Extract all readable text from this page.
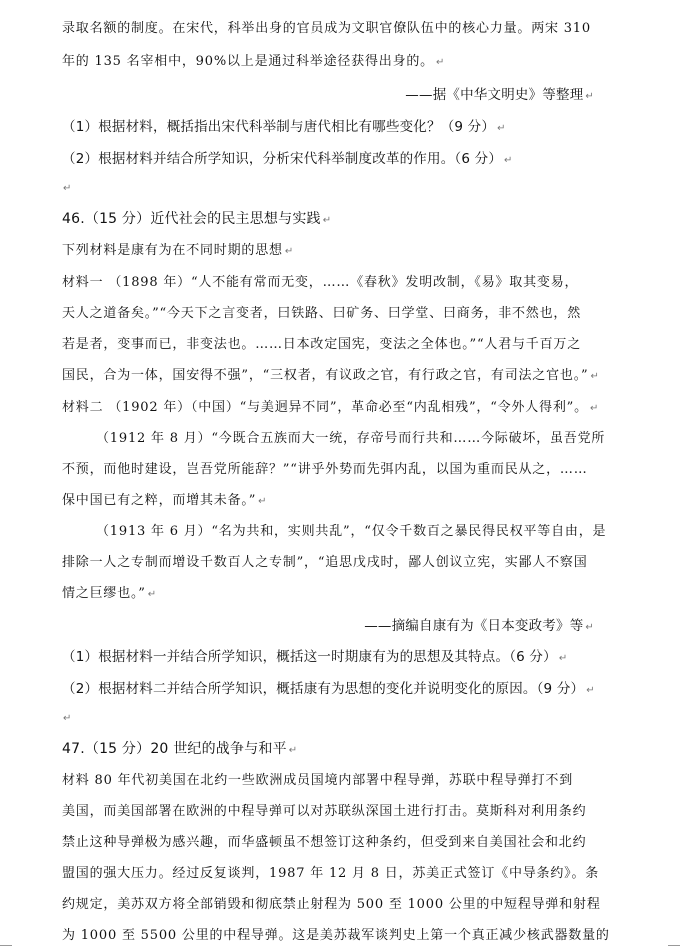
录取名额的制度。在宋代，科举出身的官员成为文职官僚队伍中的核心力量。两宋 310
年的 135 名宰相中，90%以上是通过科举途径获得出身的。 ↵
——据《中华文明史》等整理 ↵
（1）根据材料，概括指出宋代科举制与唐代相比有哪些变化？（9 分） ↵
（2）根据材料并结合所学知识，分析宋代科举制度改革的作用。（6 分） ↵
↵
46.（15 分）近代社会的民主思想与实践 ↵
下列材料是康有为在不同时期的思想 ↵
材料一 （1898 年）“人不能有常而无变，……《春秋》发明改制，《易》取其变易，
天人之道备矣。”“今天下之言变者，曰铁路、曰矿务、曰学堂、曰商务，非不然也，然
若是者，变事而已，非变法也。……日本改定国宪，变法之全体也。”“人君与千百万之
国民，合为一体，国安得不强”，“三权者，有议政之官，有行政之官，有司法之官也。” ↵
材料二 （1902 年）（中国）“与美迥异不同”，革命必至“内乱相残”，“令外人得利”。 ↵
（1912 年 8 月）“今既合五族而大一统，存帝号而行共和……今际破坏，虽吾党所
不预，而他时建设，岂吾党所能辞？”“讲乎外势而先弭内乱，以国为重而民从之，……
保中国已有之粹，而增其未备。” ↵
（1913 年 6 月）“名为共和，实则共乱”，“仅令千数百之暴民得民权平等自由，是
排除一人之专制而增设千数百人之专制”，“追思戊戌时，鄙人创议立宪，实鄙人不察国
情之巨缪也。” ↵
——摘编自康有为《日本变政考》等 ↵
（1）根据材料一并结合所学知识，概括这一时期康有为的思想及其特点。（6 分） ↵
（2）根据材料二并结合所学知识，概括康有为思想的变化并说明变化的原因。（9 分） ↵
↵
47.（15 分）20 世纪的战争与和平 ↵
材料 80 年代初美国在北约一些欧洲成员国境内部署中程导弹，苏联中程导弹打不到
美国，而美国部署在欧洲的中程导弹可以对苏联纵深国土进行打击。莫斯科对利用条约
禁止这种导弹极为感兴趣，而华盛顿虽不想签订这种条约，但受到来自美国社会和北约
盟国的强大压力。经过反复谈判，1987 年 12 月 8 日，苏美正式签订《中导条约》。条
约规定，美苏双方将全部销毁和彻底禁止射程为 500 至 1000 公里的中短程导弹和射程
为 1000 至 5500 公里的中程导弹。这是美苏裁军谈判史上第一个真正减少核武器数量的
